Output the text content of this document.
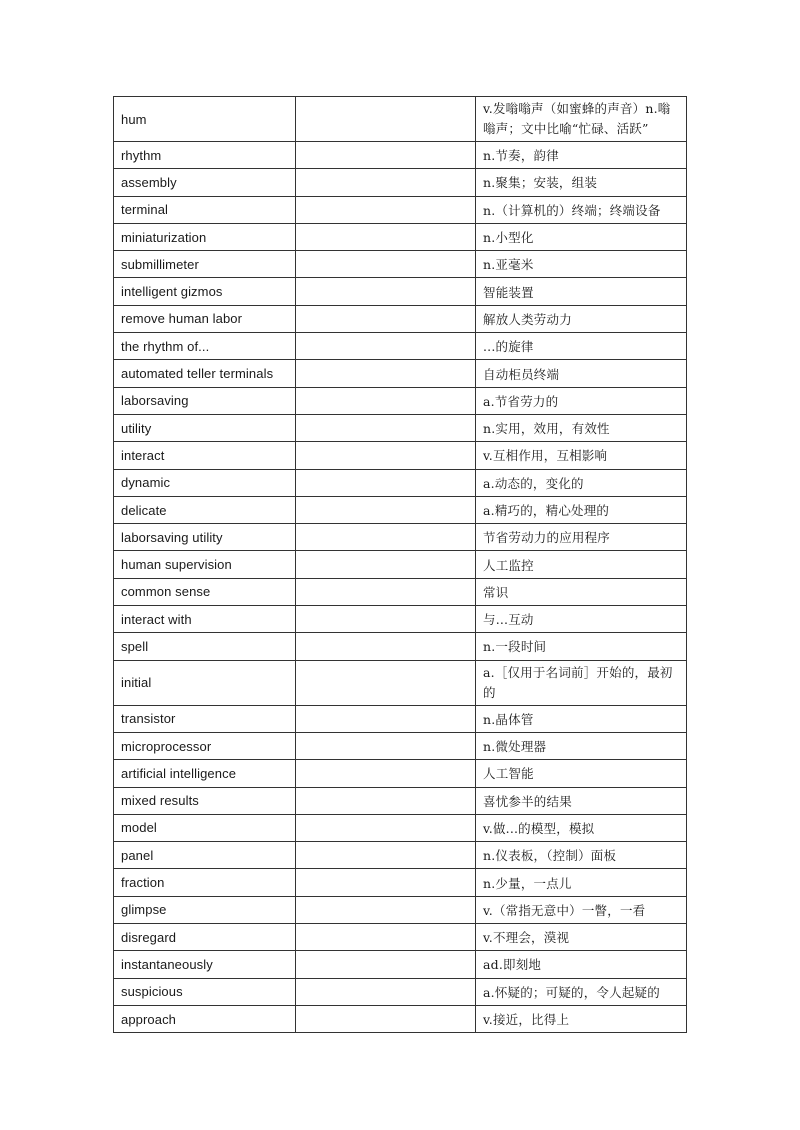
hum		v.发嗡嗡声（如蜜蜂的声音）n.嗡嗡声；文中比喻“忙碌、活跃”
rhythm		n.节奏，韵律
assembly		n.聚集；安装，组装
terminal		n.（计算机的）终端；终端设备
miniaturization		n.小型化
submillimeter		n.亚毫米
intelligent gizmos		智能装置
remove human labor		解放人类劳动力
the rhythm of...		...的旋律
automated teller terminals		自动柜员终端
laborsaving		a.节省劳力的
utility		n.实用，效用，有效性
interact		v.互相作用，互相影响
dynamic		a.动态的，变化的
delicate		a.精巧的，精心处理的
laborsaving utility		节省劳动力的应用程序
human supervision		人工监控
common sense		常识
interact with		与...互动
spell		n.一段时间
initial		a.［仅用于名词前］开始的，最初的
transistor		n.晶体管
microprocessor		n.微处理器
artificial intelligence		人工智能
mixed results		喜忧参半的结果
model		v.做...的模型，模拟
panel		n.仪表板，（控制）面板
fraction		n.少量，一点儿
glimpse		v.（常指无意中）一瞥，一看
disregard		v.不理会，漠视
instantaneously		ad.即刻地
suspicious		a.怀疑的；可疑的，令人起疑的
approach		v.接近，比得上
